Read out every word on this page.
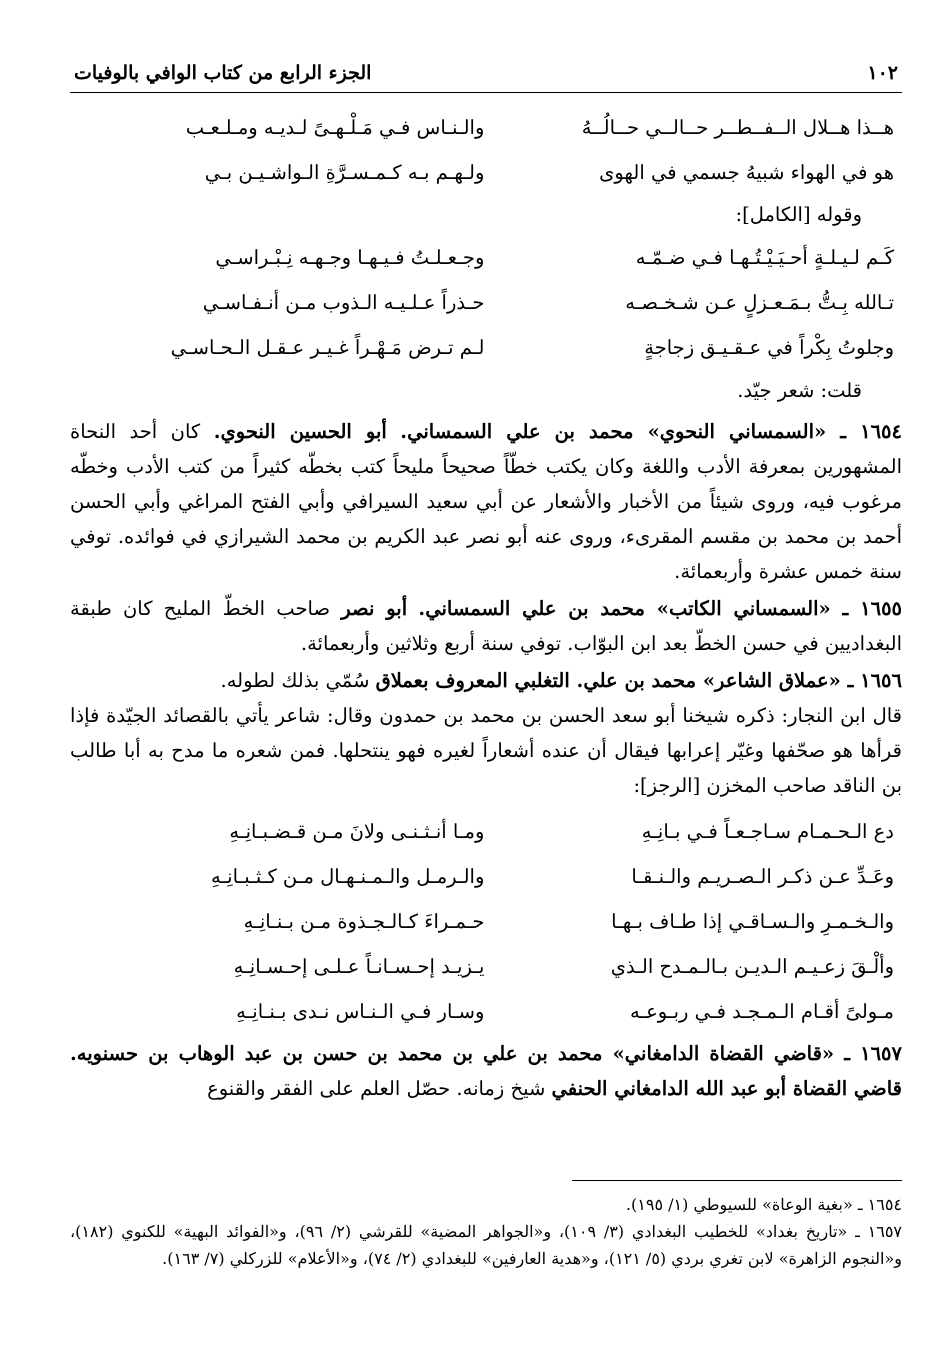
١٠٢
الجزء الرابع من كتاب الوافي بالوفيات
هــذا هــلال الــفــطــر حــالــي حــالُــهُ
والـنـاس فـي مَـلْـهـىً لـديـه ومـلـعـب
هو في الهواء شبيهُ جسمي في الهوى
ولـهـم بـه كـمـسـرَّةِ الـواشـيـن بـي
وقوله [الكامل]:
كَـم لـيـلـةٍ أحـيَـيْـتُـهـا فـي ضـمّـه
وجـعـلـتُ فـيـهـا وجـهـه نِـبْـراسـي
تـالله بِـتُّ بـمَـعـزلٍ عـن شـخـصـه
حـذراً عـلـيـه الـذوب مـن أنـفـاسـي
وجلوتُ بِكْراً في عـقـيـق زجاجةٍ
لـم تـرض مَـهْـراً غـيـر عـقـل الـحـاسـي
قلت: شعر جيّد.

١٦٥٤ ـ «السمساني النحوي» محمد بن علي السمساني. أبو الحسين النحوي. كان أحد النحاة المشهورين بمعرفة الأدب واللغة وكان يكتب خطّاً صحيحاً مليحاً كتب بخطّه كثيراً من كتب الأدب وخطّه مرغوب فيه، وروى شيئاً من الأخبار والأشعار عن أبي سعيد السيرافي وأبي الفتح المراغي وأبي الحسن أحمد بن محمد بن مقسم المقرىء، وروى عنه أبو نصر عبد الكريم بن محمد الشيرازي في فوائده. توفي سنة خمس عشرة وأربعمائة.

١٦٥٥ ـ «السمساني الكاتب» محمد بن علي السمساني. أبو نصر صاحب الخطّ المليح كان طبقة البغداديين في حسن الخطّ بعد ابن البوّاب. توفي سنة أربع وثلاثين وأربعمائة.

١٦٥٦ ـ «عملاق الشاعر» محمد بن علي. التغلبي المعروف بعملاق سُمّي بذلك لطوله.

قال ابن النجار: ذكره شيخنا أبو سعد الحسن بن محمد بن حمدون وقال: شاعر يأتي بالقصائد الجيّدة فإذا قرأها هو صحّفها وغيّر إعرابها فيقال أن عنده أشعاراً لغيره فهو ينتحلها. فمن شعره ما مدح به أبا طالب بن الناقد صاحب المخزن [الرجز]:

دع الـحـمـام سـاجـعـاً فـي بـانِـهِ
ومـا أنـثـنـى ولانَ مـن قـضـبـانِـهِ
وعَـدِّ عـن ذكـر الـصـريـم والـنـقـا
والـرمـل والـمـنـهـال مـن كـثـبـانِـهِ
والـخـمـرِ والـسـاقـي إذا طـاف بـهـا
حـمـراءَ كـالـجـذوة مـن بـنـانِـهِ
وألْـقَ زعـيـم الـديـن بـالـمـدح الـذي
يـزيـد إحـسـانـاً عـلـى إحـسـانِـهِ
مـولىً أقـام الـمـجـد فـي ربـوعـه
وسـار فـي الـنـاس نـدى بـنـانِـهِ

١٦٥٧ ـ «قاضي القضاة الدامغاني» محمد بن علي بن محمد بن حسن بن عبد الوهاب بن حسنويه. قاضي القضاة أبو عبد الله الدامغاني الحنفي شيخ زمانه. حصّل العلم على الفقر والقنوع

١٦٥٤ ـ «بغية الوعاة» للسيوطي (١/ ١٩٥).

١٦٥٧ ـ «تاريخ بغداد» للخطيب البغدادي (٣/ ١٠٩)، و«الجواهر المضية» للقرشي (٢/ ٩٦)، و«الفوائد البهية» للكنوي (١٨٢)، و«النجوم الزاهرة» لابن تغري بردي (٥/ ١٢١)، و«هدية العارفين» للبغدادي (٢/ ٧٤)، و«الأعلام» للزركلي (٧/ ١٦٣).
